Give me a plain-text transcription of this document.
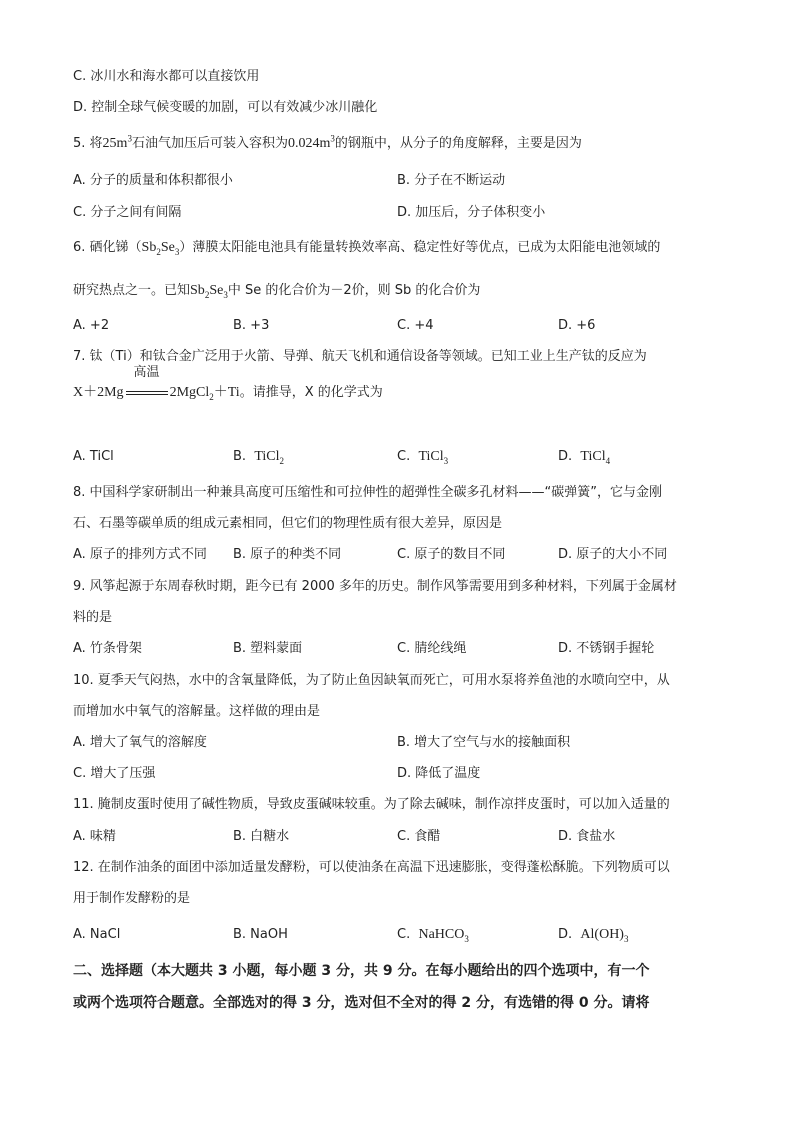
C. 冰川水和海水都可以直接饮用
D. 控制全球气候变暖的加剧，可以有效减少冰川融化
5. 将$25m^3$石油气加压后可装入容积为$0.024m^3$的钢瓶中，从分子的角度解释，主要是因为
A. 分子的质量和体积都很小	B. 分子在不断运动
C. 分子之间有间隔	D. 加压后，分子体积变小
6. 硒化锑$(Sb_2Se_3)$薄膜太阳能电池具有能量转换效率高、稳定性好等优点，已成为太阳能电池领域的
研究热点之一。已知$Sb_2Se_3$中 Se 的化合价为－2价，则 Sb 的化合价为
A. +2	B. +3	C. +4	D. +6
7. 钛（Ti）和钛合金广泛用于火箭、导弹、航天飞机和通信设备等领域。已知工业上生产钛的反应为
X＋2Mg
高温
2MgCl$_2$＋Ti。请推导，X 的化学式为
A. TiCl	B. TiCl$_2$	C. TiCl$_3$	D. TiCl$_4$
8. 中国科学家研制出一种兼具高度可压缩性和可拉伸性的超弹性全碳多孔材料——“碳弹簧”，它与金刚
石、石墨等碳单质的组成元素相同，但它们的物理性质有很大差异，原因是
A. 原子的排列方式不同 B. 原子的种类不同	C. 原子的数目不同	D. 原子的大小不同
9. 风筝起源于东周春秋时期，距今已有 2000 多年的历史。制作风筝需要用到多种材料，下列属于金属材
料的是
A. 竹条骨架	B. 塑料蒙面	C. 腈纶线绳	D. 不锈钢手握轮
10. 夏季天气闷热，水中的含氧量降低，为了防止鱼因缺氧而死亡，可用水泵将养鱼池的水喷向空中，从
而增加水中氧气的溶解量。这样做的理由是
A. 增大了氧气的溶解度	B. 增大了空气与水的接触面积
C. 增大了压强	D. 降低了温度
11. 腌制皮蛋时使用了碱性物质，导致皮蛋碱味较重。为了除去碱味，制作凉拌皮蛋时，可以加入适量的
A. 味精	B. 白糖水	C. 食醋	D. 食盐水
12. 在制作油条的面团中添加适量发酵粉，可以使油条在高温下迅速膨胀，变得蓬松酥脆。下列物质可以
用于制作发酵粉的是
A. NaCl	B. NaOH	C. NaHCO$_3$	D. $Al(OH)_3$
二、选择题（本大题共 3 小题，每小题 3 分，共 9 分。在每小题给出的四个选项中，有一个
或两个选项符合题意。全部选对的得 3 分，选对但不全对的得 2 分，有选错的得 0 分。请将
